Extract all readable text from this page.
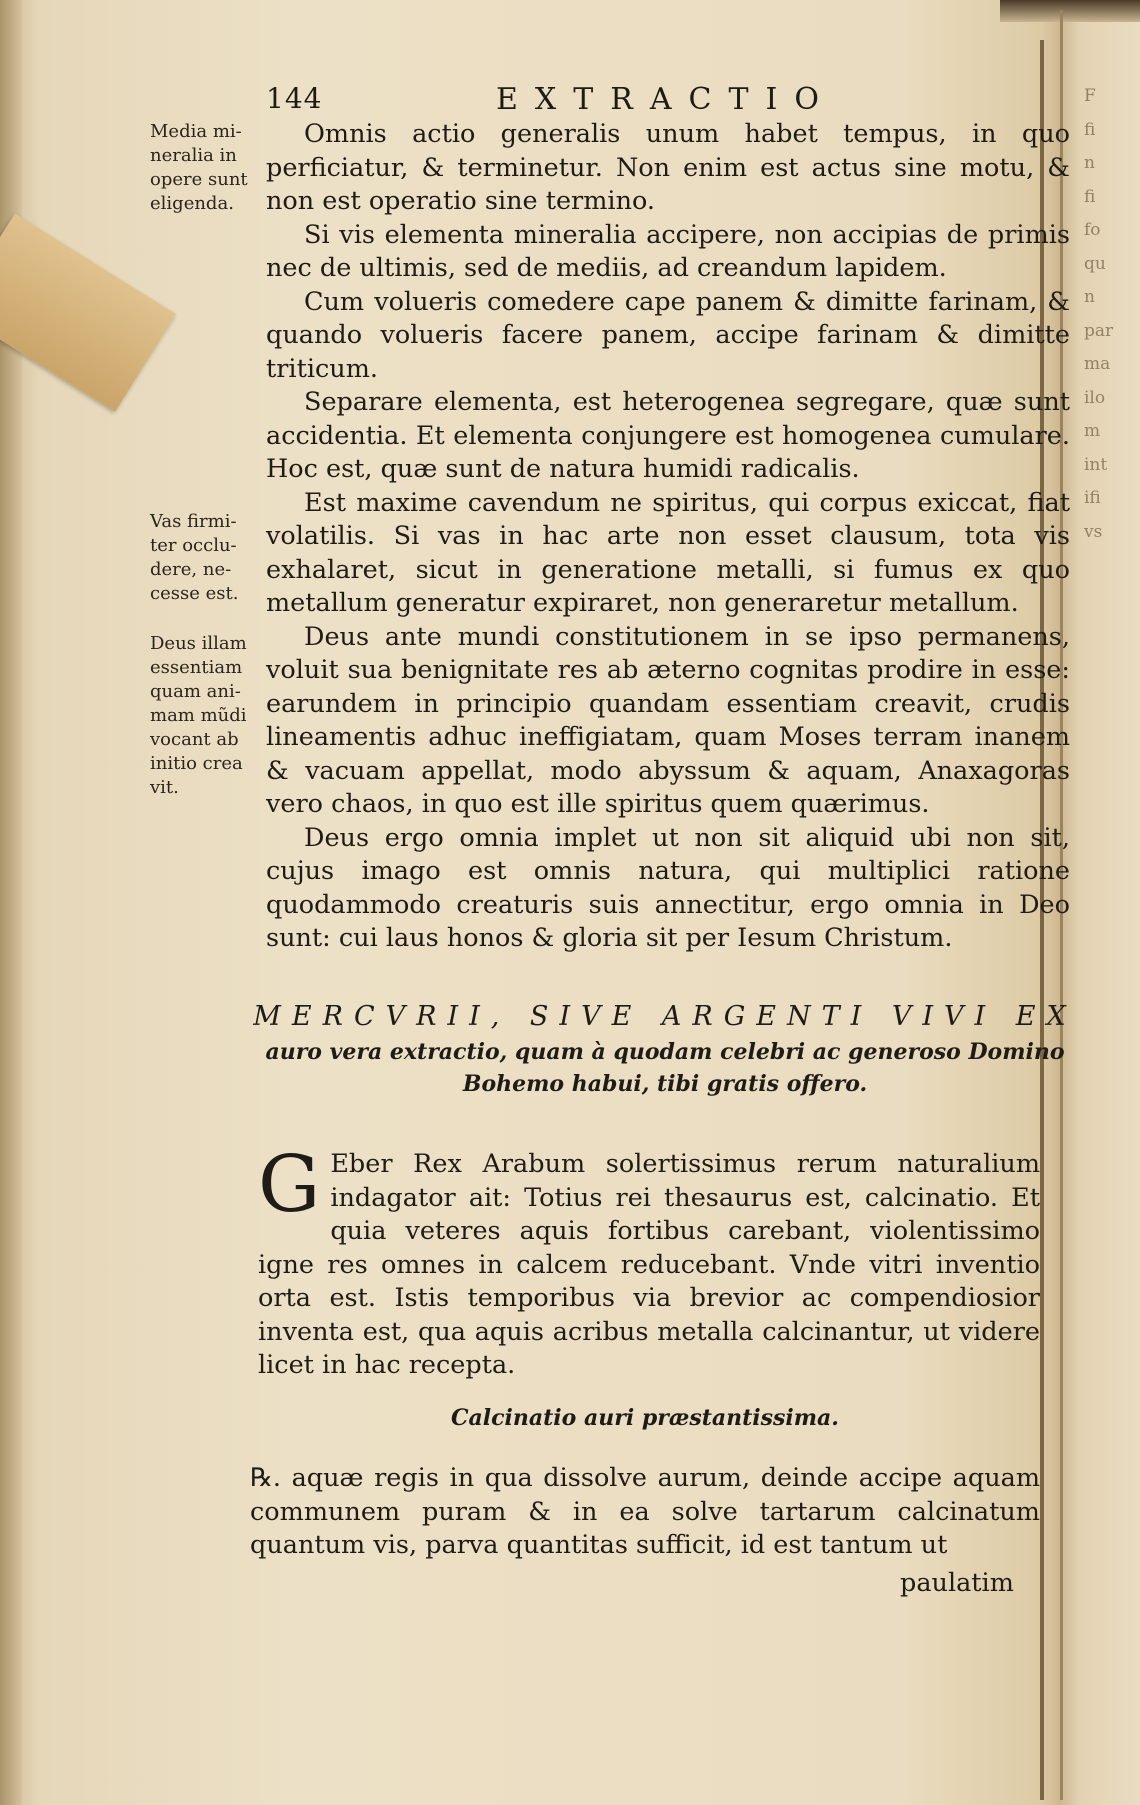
144	EXTRACTIO
Media mi- neralia in opere sunt eligenda.
Vas firmi- ter occlu- dere, ne- cesse est.
Deus illam essentiam quam ani- mam mũdi vocant ab initio crea vit.

Omnis actio generalis unum habet tempus, in quo perficiatur, & terminetur. Non enim est actus sine motu, & non est operatio sine termino.

Si vis elementa mineralia accipere, non accipias de primis nec de ultimis, sed de mediis, ad creandum lapidem.

Cum volueris comedere cape panem & dimitte farinam, & quando volueris facere panem, accipe farinam & dimitte triticum.

Separare elementa, est heterogenea segregare, quæ sunt accidentia. Et elementa conjungere est homogenea cumulare. Hoc est, quæ sunt de natura humidi radicalis.

Est maxime cavendum ne spiritus, qui corpus exiccat, fiat volatilis. Si vas in hac arte non esset clausum, tota vis exhalaret, sicut in generatione metalli, si fumus ex quo metallum generatur expiraret, non generaretur metallum.

Deus ante mundi constitutionem in se ipso permanens, voluit sua benignitate res ab æterno cognitas prodire in esse: earundem in principio quandam essentiam creavit, crudis lineamentis adhuc ineffigiatam, quam Moses terram inanem & vacuam appellat, modo abyssum & aquam, Anaxagoras vero chaos, in quo est ille spiritus quem quærimus.

Deus ergo omnia implet ut non sit aliquid ubi non sit, cujus imago est omnis natura, qui multiplici ratione quodammodo creaturis suis annectitur, ergo omnia in Deo sunt: cui laus honos & gloria sit per Iesum Christum.

MERCVRII, SIVE ARGENTI VIVI EX
auro vera extractio, quam à quodam celebri ac generoso Domino Bohemo habui, tibi gratis offero.
G Eber Rex Arabum solertissimus rerum naturalium indagator ait: Totius rei thesaurus est, calcinatio. Et quia veteres aquis fortibus carebant, violentissimo igne res omnes in calcem reducebant. Vnde vitri inventio orta est. Istis temporibus via brevior ac compendiosior inventa est, qua aquis acribus metalla calcinantur, ut videre licet in hac recepta.

Calcinatio auri præstantissima.

℞. aquæ regis in qua dissolve aurum, deinde accipe aquam communem puram & in ea solve tartarum calcinatum quantum vis, parva quantitas sufficit, id est tantum ut

paulatim
F
fi
n
fi
fo
qu
n
par
ma
ilo
m
int
ifi
vs
